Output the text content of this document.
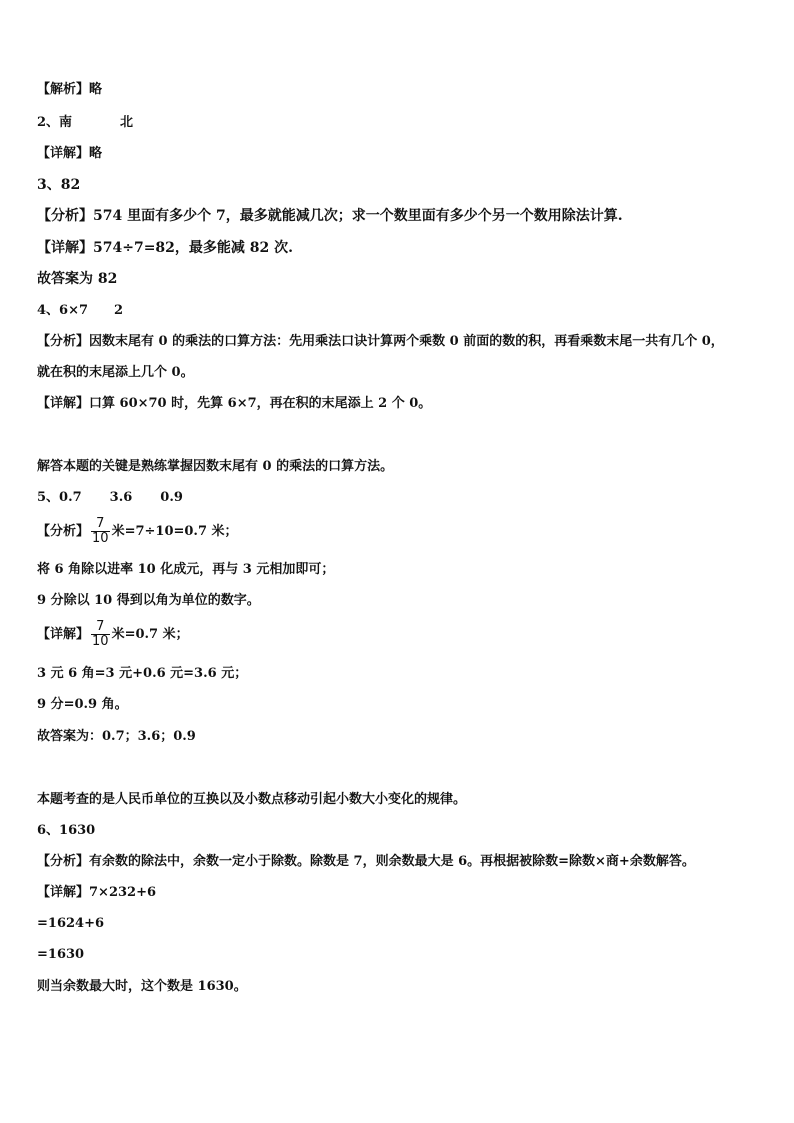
【解析】略
2、南	北
【详解】略
3、82
【分析】574 里面有多少个 7，最多就能减几次；求一个数里面有多少个另一个数用除法计算.
【详解】574÷7=82，最多能减 82 次.
故答案为 82
4、6×7 2
【分析】因数末尾有 0 的乘法的口算方法：先用乘法口诀计算两个乘数 0 前面的数的积，再看乘数末尾一共有几个 0，
就在积的末尾添上几个 0。
【详解】口算 60×70 时，先算 6×7，再在积的末尾添上 2 个 0。
解答本题的关键是熟练掌握因数末尾有 0 的乘法的口算方法。
5、0.7 3.6 0.9
【分析】 $\frac{7}{10}$ 米=7÷10=0.7 米；
将 6 角除以进率 10 化成元，再与 3 元相加即可；
9 分除以 10 得到以角为单位的数字。
【详解】 $\frac{7}{10}$ 米=0.7 米；
3 元 6 角=3 元+0.6 元=3.6 元；
9 分=0.9 角。
故答案为：0.7；3.6；0.9
本题考查的是人民币单位的互换以及小数点移动引起小数大小变化的规律。
6、1630
【分析】有余数的除法中，余数一定小于除数。除数是 7，则余数最大是 6。再根据被除数=除数×商+余数解答。
【详解】7×232+6
=1624+6
=1630
则当余数最大时，这个数是 1630。
